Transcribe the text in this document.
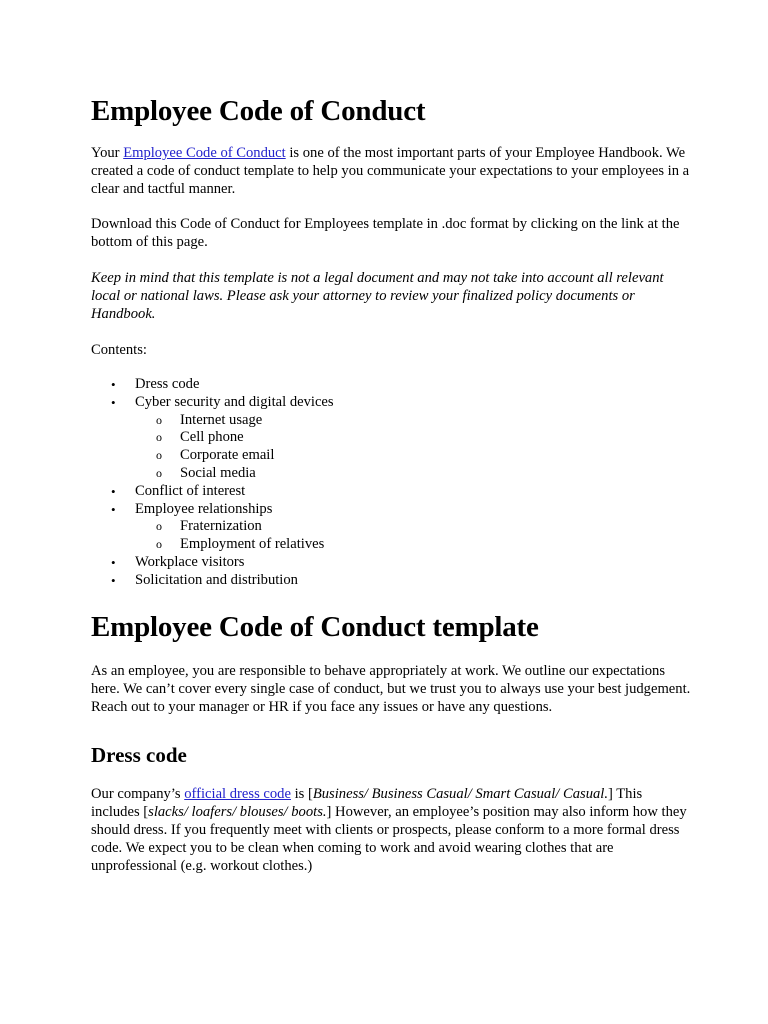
Employee Code of Conduct

Your Employee Code of Conduct is one of the most important parts of your Employee Handbook. We created a code of conduct template to help you communicate your expectations to your employees in a clear and tactful manner.

Download this Code of Conduct for Employees template in .doc format by clicking on the link at the bottom of this page.

Keep in mind that this template is not a legal document and may not take into account all relevant local or national laws. Please ask your attorney to review your finalized policy documents or Handbook.

Contents:

• Dress code
• Cyber security and digital devices
o Internet usage
o Cell phone
o Corporate email
o Social media
• Conflict of interest
• Employee relationships
o Fraternization
o Employment of relatives
• Workplace visitors
• Solicitation and distribution
Employee Code of Conduct template

As an employee, you are responsible to behave appropriately at work. We outline our expectations here. We can’t cover every single case of conduct, but we trust you to always use your best judgement. Reach out to your manager or HR if you face any issues or have any questions.

Dress code

Our company’s official dress code is [Business/ Business Casual/ Smart Casual/ Casual.] This includes [slacks/ loafers/ blouses/ boots.] However, an employee’s position may also inform how they should dress. If you frequently meet with clients or prospects, please conform to a more formal dress code. We expect you to be clean when coming to work and avoid wearing clothes that are unprofessional (e.g. workout clothes.)
